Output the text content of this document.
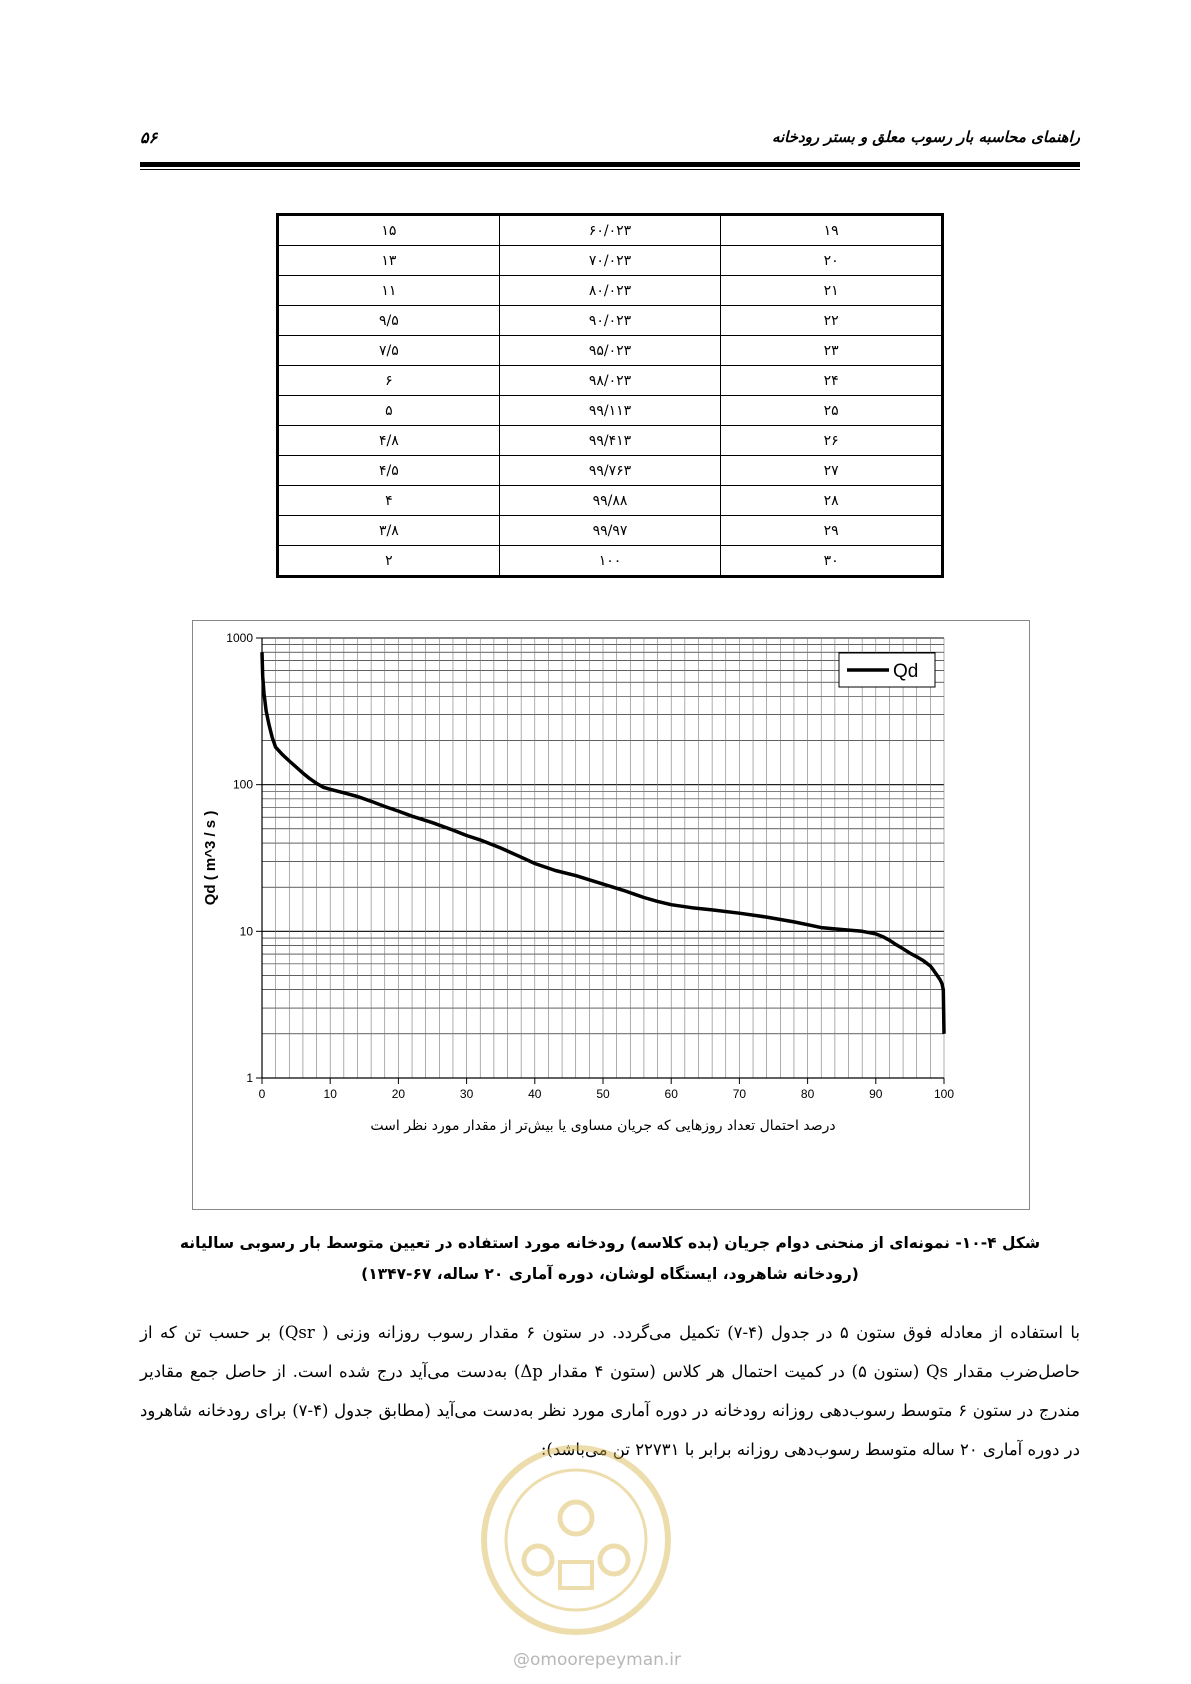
راهنمای محاسبه بار رسوب معلق و بستر رودخانه
۵۶
۱۹	۶۰/۰۲۳	۱۵
۲۰	۷۰/۰۲۳	۱۳
۲۱	۸۰/۰۲۳	۱۱
۲۲	۹۰/۰۲۳	۹/۵
۲۳	۹۵/۰۲۳	۷/۵
۲۴	۹۸/۰۲۳	۶
۲۵	۹۹/۱۱۳	۵
۲۶	۹۹/۴۱۳	۴/۸
۲۷	۹۹/۷۶۳	۴/۵
۲۸	۹۹/۸۸	۴
۲۹	۹۹/۹۷	۳/۸
۳۰	۱۰۰	۲
0	10	20	30	40	50	60	70	80	90	100
1
10
100
1000
Qd ( m^3 / s )
درصد احتمال تعداد روزهایی که جریان مساوی یا بیش‌تر از مقدار مورد نظر است
Qd
شکل ۴-۱۰- نمونه‌ای از منحنی دوام جریان (بده کلاسه) رودخانه مورد استفاده در تعیین متوسط بار رسوبی سالیانه
(رودخانه شاهرود، ایستگاه لوشان، دوره آماری ۲۰ ساله، ۶۷-۱۳۴۷)

با استفاده از معادله فوق ستون ۵ در جدول (۴-۷) تکمیل می‌گردد. در ستون ۶ مقدار رسوب روزانه وزنی ( Qsr) بر حسب تن که از حاصل‌ضرب مقدار Qs (ستون ۵) در کمیت احتمال هر کلاس (ستون ۴ مقدار Δp) به‌دست می‌آید درج شده است. از حاصل جمع مقادیر مندرج در ستون ۶ متوسط رسوب‌دهی روزانه رودخانه در دوره آماری مورد نظر به‌دست می‌آید (مطابق جدول (۴-۷) برای رودخانه شاهرود در دوره آماری ۲۰ ساله متوسط رسوب‌دهی روزانه برابر با ۲۲۷۳۱ تن می‌باشد):

@omoorepeyman.ir
